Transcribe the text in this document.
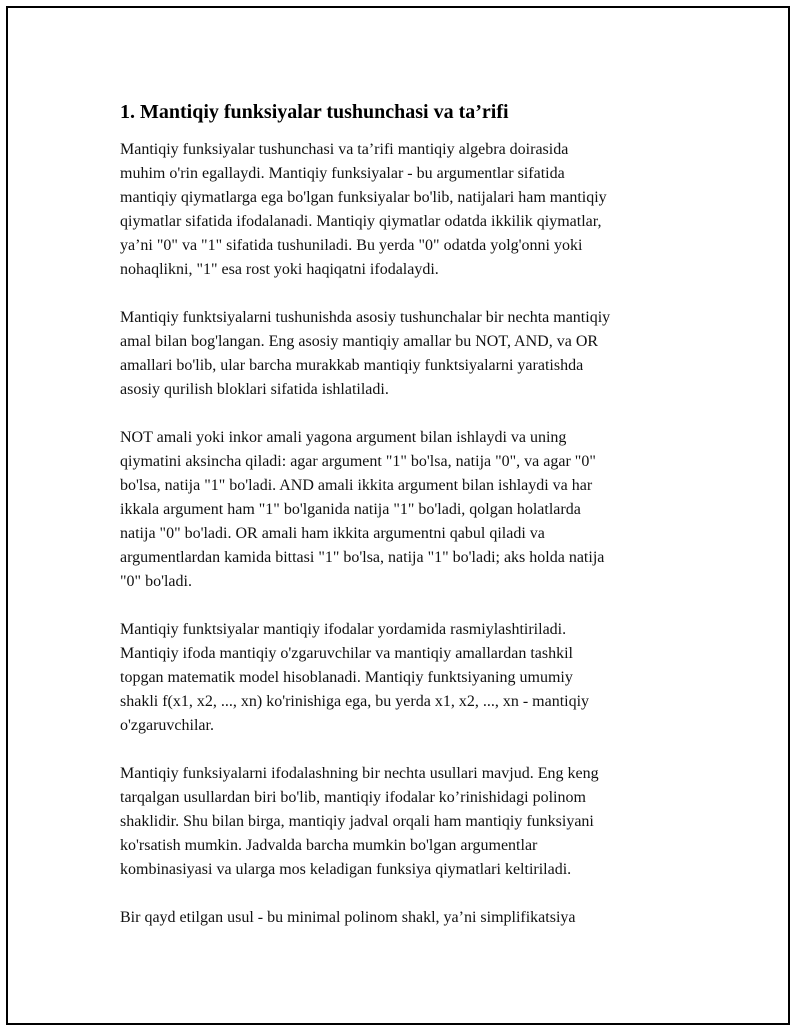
1. Mantiqiy funksiyalar tushunchasi va ta’rifi

Mantiqiy funksiyalar tushunchasi va ta’rifi mantiqiy algebra doirasida
muhim o'rin egallaydi. Mantiqiy funksiyalar - bu argumentlar sifatida
mantiqiy qiymatlarga ega bo'lgan funksiyalar bo'lib, natijalari ham mantiqiy
qiymatlar sifatida ifodalanadi. Mantiqiy qiymatlar odatda ikkilik qiymatlar,
ya’ni "0" va "1" sifatida tushuniladi. Bu yerda "0" odatda yolg'onni yoki
nohaqlikni, "1" esa rost yoki haqiqatni ifodalaydi.

Mantiqiy funktsiyalarni tushunishda asosiy tushunchalar bir nechta mantiqiy
amal bilan bog'langan. Eng asosiy mantiqiy amallar bu NOT, AND, va OR
amallari bo'lib, ular barcha murakkab mantiqiy funktsiyalarni yaratishda
asosiy qurilish bloklari sifatida ishlatiladi.

NOT amali yoki inkor amali yagona argument bilan ishlaydi va uning
qiymatini aksincha qiladi: agar argument "1" bo'lsa, natija "0", va agar "0"
bo'lsa, natija "1" bo'ladi. AND amali ikkita argument bilan ishlaydi va har
ikkala argument ham "1" bo'lganida natija "1" bo'ladi, qolgan holatlarda
natija "0" bo'ladi. OR amali ham ikkita argumentni qabul qiladi va
argumentlardan kamida bittasi "1" bo'lsa, natija "1" bo'ladi; aks holda natija
"0" bo'ladi.

Mantiqiy funktsiyalar mantiqiy ifodalar yordamida rasmiylashtiriladi.
Mantiqiy ifoda mantiqiy o'zgaruvchilar va mantiqiy amallardan tashkil
topgan matematik model hisoblanadi. Mantiqiy funktsiyaning umumiy
shakli f(x1, x2, ..., xn) ko'rinishiga ega, bu yerda x1, x2, ..., xn - mantiqiy
o'zgaruvchilar.

Mantiqiy funksiyalarni ifodalashning bir nechta usullari mavjud. Eng keng
tarqalgan usullardan biri bo'lib, mantiqiy ifodalar ko’rinishidagi polinom
shaklidir. Shu bilan birga, mantiqiy jadval orqali ham mantiqiy funksiyani
ko'rsatish mumkin. Jadvalda barcha mumkin bo'lgan argumentlar
kombinasiyasi va ularga mos keladigan funksiya qiymatlari keltiriladi.

Bir qayd etilgan usul - bu minimal polinom shakl, ya’ni simplifikatsiya
